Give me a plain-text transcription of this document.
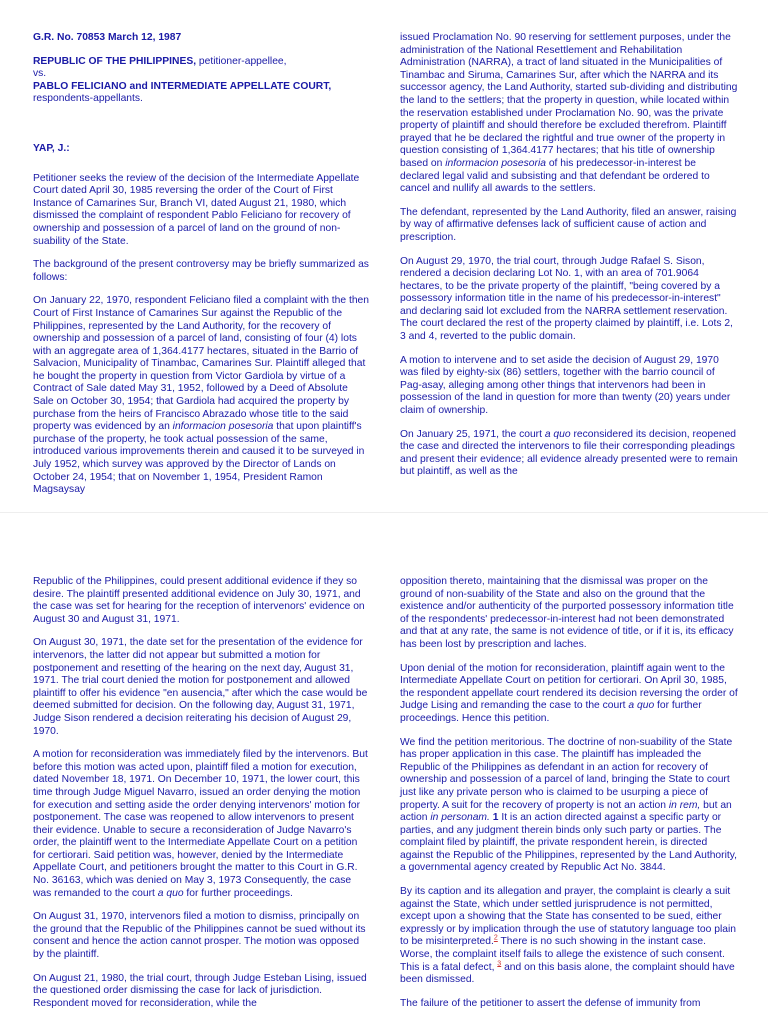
G.R. No. 70853 March 12, 1987

REPUBLIC OF THE PHILIPPINES, petitioner-appellee,
vs.
PABLO FELICIANO and INTERMEDIATE APPELLATE COURT, respondents-appellants.

YAP, J.:

Petitioner seeks the review of the decision of the Intermediate Appellate Court dated April 30, 1985 reversing the order of the Court of First Instance of Camarines Sur, Branch VI, dated August 21, 1980, which dismissed the complaint of respondent Pablo Feliciano for recovery of ownership and possession of a parcel of land on the ground of non-suability of the State.

The background of the present controversy may be briefly summarized as follows:

On January 22, 1970, respondent Feliciano filed a complaint with the then Court of First Instance of Camarines Sur against the Republic of the Philippines, represented by the Land Authority, for the recovery of ownership and possession of a parcel of land, consisting of four (4) lots with an aggregate area of 1,364.4177 hectares, situated in the Barrio of Salvacion, Municipality of Tinambac, Camarines Sur. Plaintiff alleged that he bought the property in question from Victor Gardiola by virtue of a Contract of Sale dated May 31, 1952, followed by a Deed of Absolute Sale on October 30, 1954; that Gardiola had acquired the property by purchase from the heirs of Francisco Abrazado whose title to the said property was evidenced by an informacion posesoria that upon plaintiff's purchase of the property, he took actual possession of the same, introduced various improvements therein and caused it to be surveyed in July 1952, which survey was approved by the Director of Lands on October 24, 1954; that on November 1, 1954, President Ramon Magsaysay

issued Proclamation No. 90 reserving for settlement purposes, under the administration of the National Resettlement and Rehabilitation Administration (NARRA), a tract of land situated in the Municipalities of Tinambac and Siruma, Camarines Sur, after which the NARRA and its successor agency, the Land Authority, started sub-dividing and distributing the land to the settlers; that the property in question, while located within the reservation established under Proclamation No. 90, was the private property of plaintiff and should therefore be excluded therefrom. Plaintiff prayed that he be declared the rightful and true owner of the property in question consisting of 1,364.4177 hectares; that his title of ownership based on informacion posesoria of his predecessor-in-interest be declared legal valid and subsisting and that defendant be ordered to cancel and nullify all awards to the settlers.

The defendant, represented by the Land Authority, filed an answer, raising by way of affirmative defenses lack of sufficient cause of action and prescription.

On August 29, 1970, the trial court, through Judge Rafael S. Sison, rendered a decision declaring Lot No. 1, with an area of 701.9064 hectares, to be the private property of the plaintiff, "being covered by a possessory information title in the name of his predecessor-in-interest" and declaring said lot excluded from the NARRA settlement reservation. The court declared the rest of the property claimed by plaintiff, i.e. Lots 2, 3 and 4, reverted to the public domain.

A motion to intervene and to set aside the decision of August 29, 1970 was filed by eighty-six (86) settlers, together with the barrio council of Pag-asay, alleging among other things that intervenors had been in possession of the land in question for more than twenty (20) years under claim of ownership.

On January 25, 1971, the court a quo reconsidered its decision, reopened the case and directed the intervenors to file their corresponding pleadings and present their evidence; all evidence already presented were to remain but plaintiff, as well as the

Republic of the Philippines, could present additional evidence if they so desire. The plaintiff presented additional evidence on July 30, 1971, and the case was set for hearing for the reception of intervenors' evidence on August 30 and August 31, 1971.

On August 30, 1971, the date set for the presentation of the evidence for intervenors, the latter did not appear but submitted a motion for postponement and resetting of the hearing on the next day, August 31, 1971. The trial court denied the motion for postponement and allowed plaintiff to offer his evidence "en ausencia," after which the case would be deemed submitted for decision. On the following day, August 31, 1971, Judge Sison rendered a decision reiterating his decision of August 29, 1970.

A motion for reconsideration was immediately filed by the intervenors. But before this motion was acted upon, plaintiff filed a motion for execution, dated November 18, 1971. On December 10, 1971, the lower court, this time through Judge Miguel Navarro, issued an order denying the motion for execution and setting aside the order denying intervenors' motion for postponement. The case was reopened to allow intervenors to present their evidence. Unable to secure a reconsideration of Judge Navarro's order, the plaintiff went to the Intermediate Appellate Court on a petition for certiorari. Said petition was, however, denied by the Intermediate Appellate Court, and petitioners brought the matter to this Court in G.R. No. 36163, which was denied on May 3, 1973 Consequently, the case was remanded to the court a quo for further proceedings.

On August 31, 1970, intervenors filed a motion to dismiss, principally on the ground that the Republic of the Philippines cannot be sued without its consent and hence the action cannot prosper. The motion was opposed by the plaintiff.

On August 21, 1980, the trial court, through Judge Esteban Lising, issued the questioned order dismissing the case for lack of jurisdiction. Respondent moved for reconsideration, while the

opposition thereto, maintaining that the dismissal was proper on the ground of non-suability of the State and also on the ground that the existence and/or authenticity of the purported possessory information title of the respondents' predecessor-in-interest had not been demonstrated and that at any rate, the same is not evidence of title, or if it is, its efficacy has been lost by prescription and laches.

Upon denial of the motion for reconsideration, plaintiff again went to the Intermediate Appellate Court on petition for certiorari. On April 30, 1985, the respondent appellate court rendered its decision reversing the order of Judge Lising and remanding the case to the court a quo for further proceedings. Hence this petition.

We find the petition meritorious. The doctrine of non-suability of the State has proper application in this case. The plaintiff has impleaded the Republic of the Philippines as defendant in an action for recovery of ownership and possession of a parcel of land, bringing the State to court just like any private person who is claimed to be usurping a piece of property. A suit for the recovery of property is not an action in rem, but an action in personam. 1 It is an action directed against a specific party or parties, and any judgment therein binds only such party or parties. The complaint filed by plaintiff, the private respondent herein, is directed against the Republic of the Philippines, represented by the Land Authority, a governmental agency created by Republic Act No. 3844.

By its caption and its allegation and prayer, the complaint is clearly a suit against the State, which under settled jurisprudence is not permitted, except upon a showing that the State has consented to be sued, either expressly or by implication through the use of statutory language too plain to be misinterpreted.$^2$ There is no such showing in the instant case. Worse, the complaint itself fails to allege the existence of such consent. This is a fatal defect, $^3$ and on this basis alone, the complaint should have been dismissed.

The failure of the petitioner to assert the defense of immunity from
